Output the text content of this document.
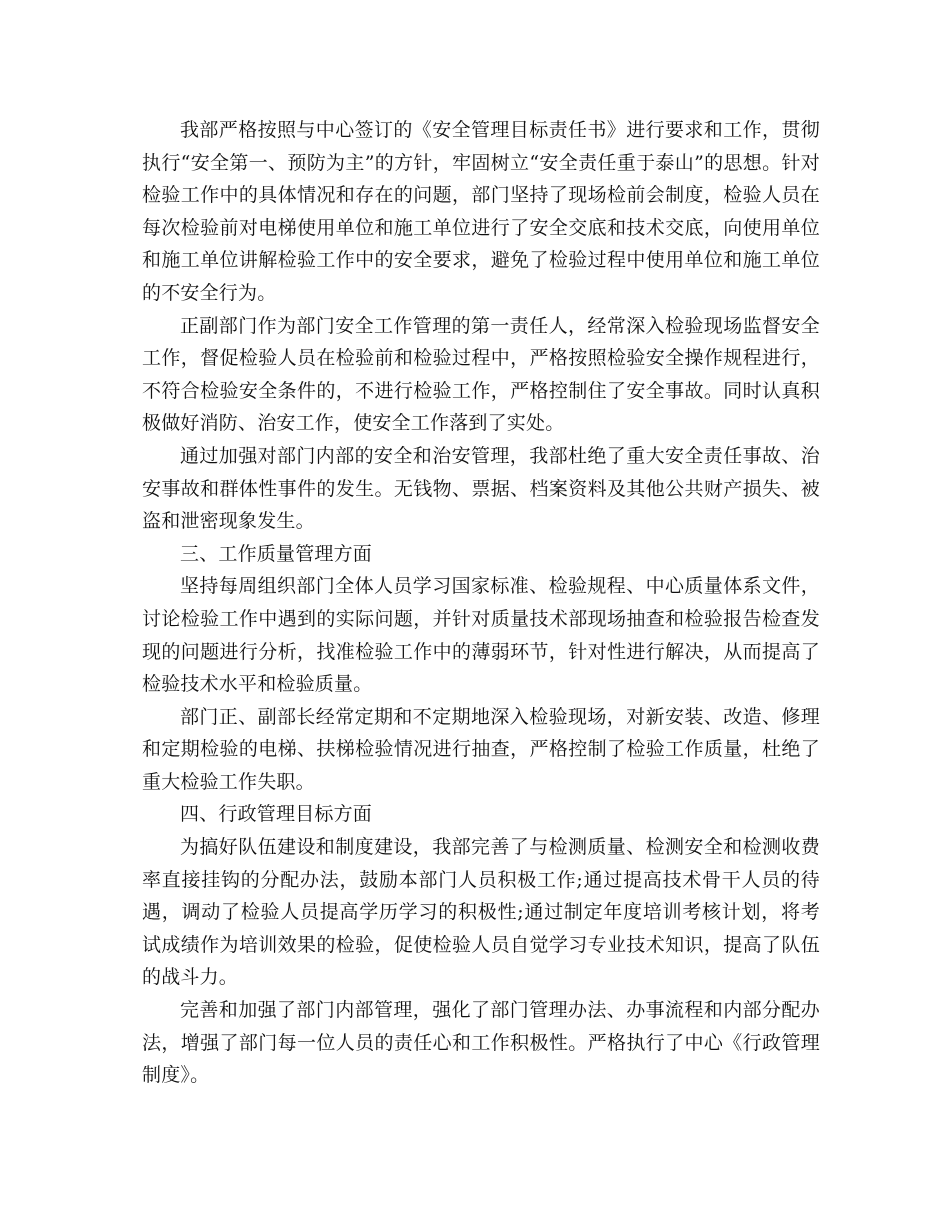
我部严格按照与中心签订的《安全管理目标责任书》进行要求和工作，贯彻执行“安全第一、预防为主”的方针，牢固树立“安全责任重于泰山”的思想。针对检验工作中的具体情况和存在的问题，部门坚持了现场检前会制度，检验人员在每次检验前对电梯使用单位和施工单位进行了安全交底和技术交底，向使用单位和施工单位讲解检验工作中的安全要求，避免了检验过程中使用单位和施工单位的不安全行为。

正副部门作为部门安全工作管理的第一责任人，经常深入检验现场监督安全工作，督促检验人员在检验前和检验过程中，严格按照检验安全操作规程进行，不符合检验安全条件的，不进行检验工作，严格控制住了安全事故。同时认真积极做好消防、治安工作，使安全工作落到了实处。

通过加强对部门内部的安全和治安管理，我部杜绝了重大安全责任事故、治安事故和群体性事件的发生。无钱物、票据、档案资料及其他公共财产损失、被盗和泄密现象发生。

三、工作质量管理方面

坚持每周组织部门全体人员学习国家标准、检验规程、中心质量体系文件，讨论检验工作中遇到的实际问题，并针对质量技术部现场抽查和检验报告检查发现的问题进行分析，找准检验工作中的薄弱环节，针对性进行解决，从而提高了检验技术水平和检验质量。

部门正、副部长经常定期和不定期地深入检验现场，对新安装、改造、修理和定期检验的电梯、扶梯检验情况进行抽查，严格控制了检验工作质量，杜绝了重大检验工作失职。

四、行政管理目标方面

为搞好队伍建设和制度建设，我部完善了与检测质量、检测安全和检测收费率直接挂钩的分配办法，鼓励本部门人员积极工作;通过提高技术骨干人员的待遇，调动了检验人员提高学历学习的积极性;通过制定年度培训考核计划，将考试成绩作为培训效果的检验，促使检验人员自觉学习专业技术知识，提高了队伍的战斗力。

完善和加强了部门内部管理，强化了部门管理办法、办事流程和内部分配办法，增强了部门每一位人员的责任心和工作积极性。严格执行了中心《行政管理制度》。
